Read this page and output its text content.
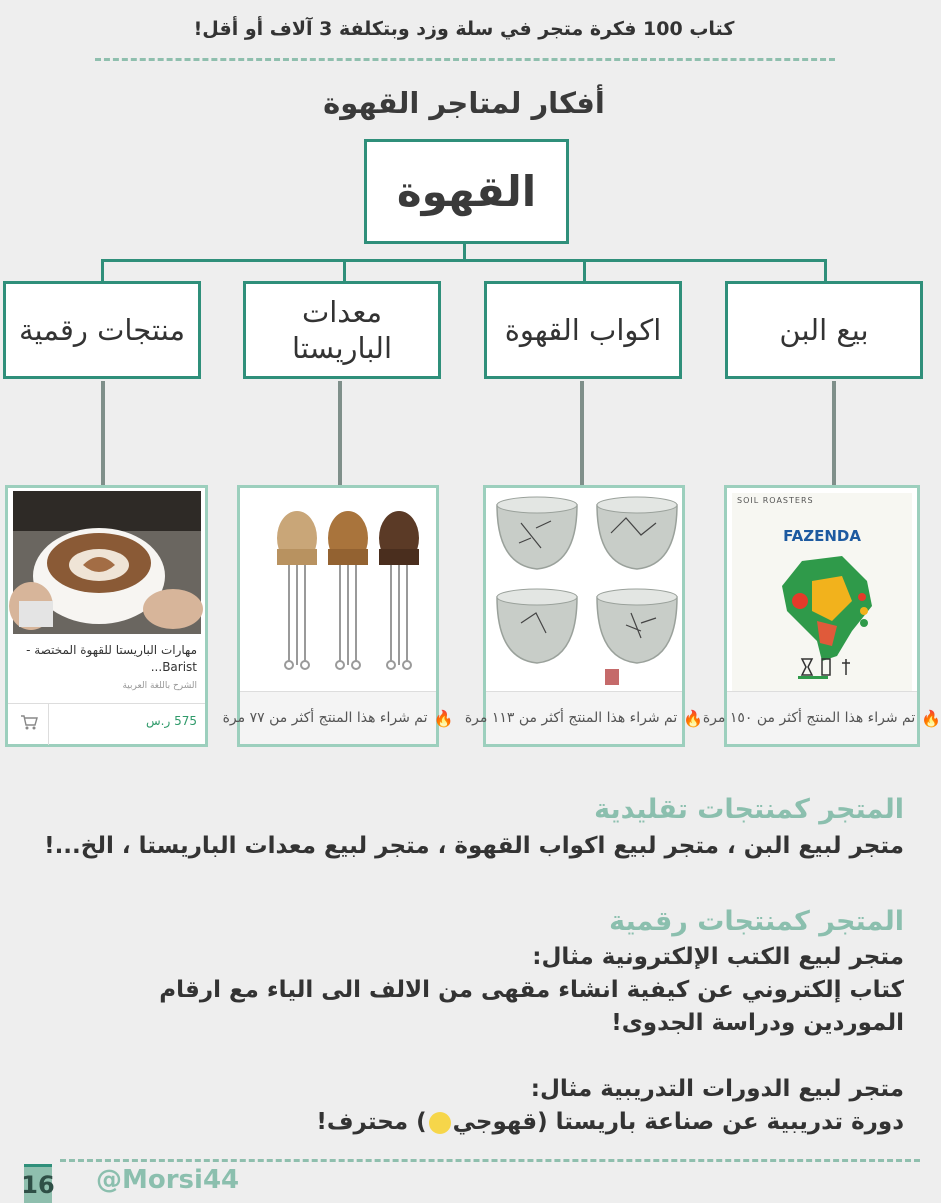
كتاب 100 فكرة متجر في سلة وزد وبتكلفة 3 آلاف أو أقل!
أفكار لمتاجر القهوة
القهوة
بيع البن
اكواب القهوة
معدات الباريستا
منتجات رقمية
SOIL ROASTERS
FAZENDA
🔥
تم شراء هذا المنتج أكثر من ١٥٠ مرة
🔥
تم شراء هذا المنتج أكثر من ١١٣ مرة
🔥
تم شراء هذا المنتج أكثر من ٧٧ مرة
مهارات الباريستا للقهوة المختصة - Barist...
الشرح باللغة العربية
575 ر.س
المتجر كمنتجات تقليدية
متجر لبيع البن ، متجر لبيع اكواب القهوة ، متجر لبيع معدات الباريستا ، الخ...!
المتجر كمنتجات رقمية
متجر لبيع الكتب الإلكترونية مثال:
كتاب إلكتروني عن كيفية انشاء مقهى من الالف الى الياء مع ارقام
الموردين ودراسة الجدوى!
متجر لبيع الدورات التدريبية مثال:
دورة تدريبية عن صناعة باريستا (قهوجي) محترف!
16 @Morsi44
